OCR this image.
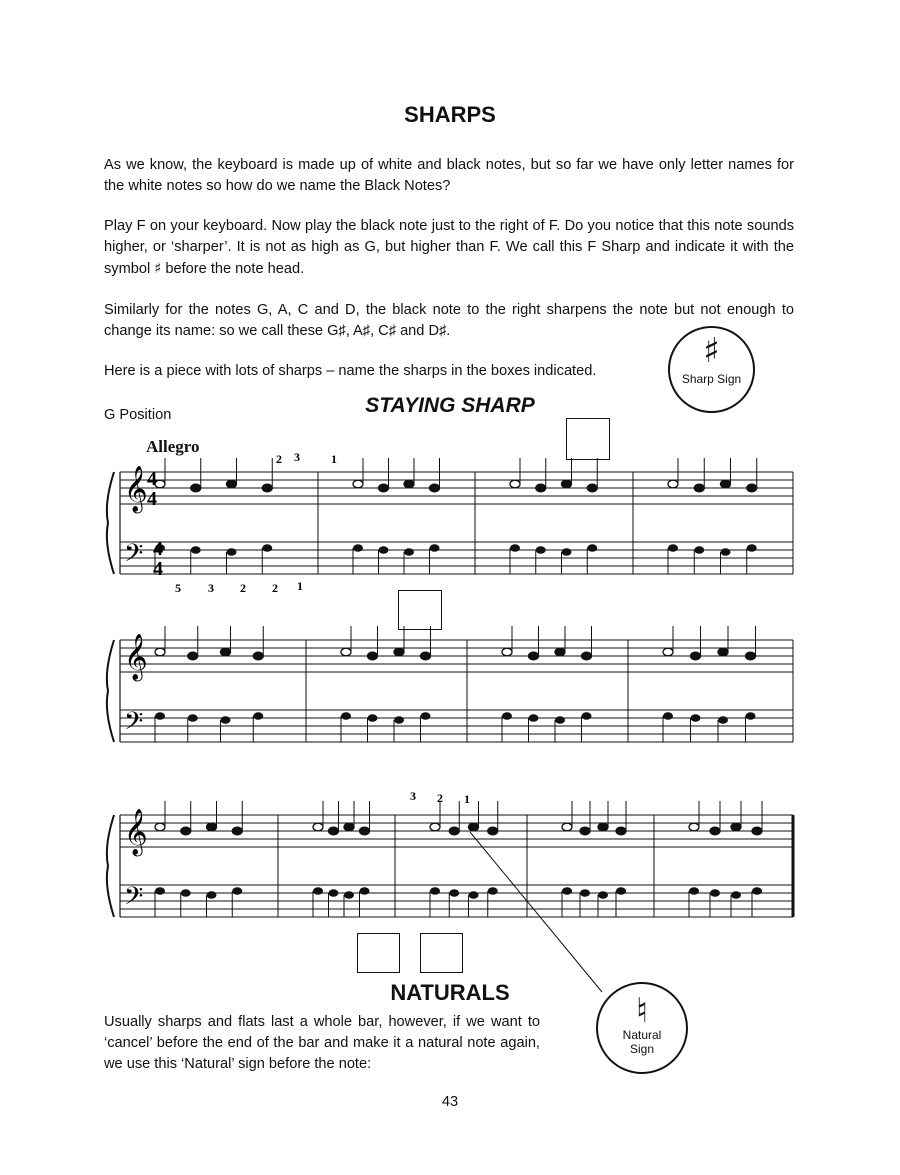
SHARPS
As we know, the keyboard is made up of white and black notes, but so far we have only letter names for the white notes so how do we name the Black Notes?
Play F on your keyboard. Now play the black note just to the right of F. Do you notice that this note sounds higher, or ‘sharper’. It is not as high as G, but higher than F. We call this F Sharp and indicate it with the symbol ♯ before the note head.
Similarly for the notes G, A, C and D, the black note to the right sharpens the note but not enough to change its name: so we call these G♯, A♯, C♯ and D♯.
Here is a piece with lots of sharps – name the sharps in the boxes indicated.	♯
Sharp Sign
G Position	STAYING SHARP
Allegro
𝄞
𝄢
𝄞
𝄢
𝄞
𝄢
4
4
4
4
2 3	1
5 3 2 2 1
3 2 1
NATURALS
Usually sharps and flats last a whole bar, however, if we want to ‘cancel’ before the end of the bar and make it a natural note again, we use this ‘Natural’ sign before the note:
♮
Natural
Sign
43
